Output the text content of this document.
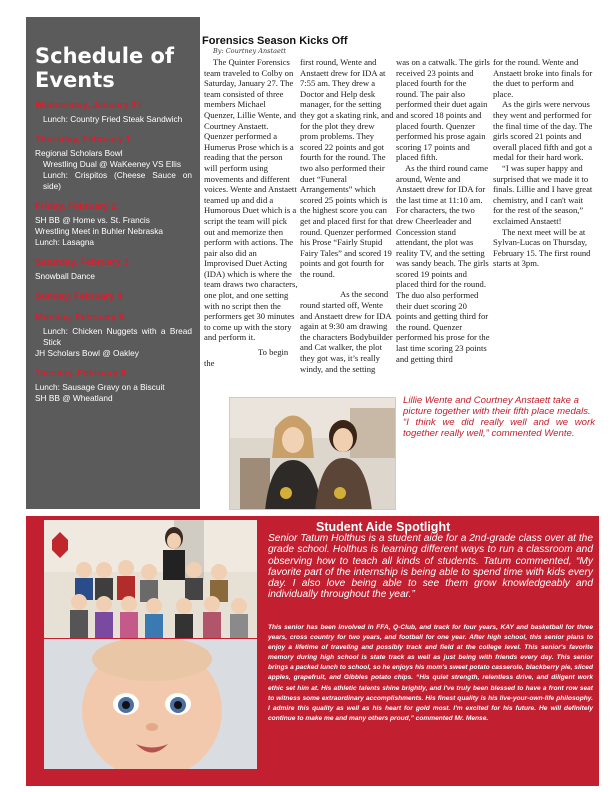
Schedule of Events
Wednesday, January 31
Lunch: Country Fried Steak Sandwich
Thursday, February 1
Regional Scholars Bowl
Wrestling Dual @ WaKeeney VS Ellis
Lunch: Crispitos (Cheese Sauce on side)
Friday, February 2
SH BB @ Home vs. St. Francis
Wrestling Meet in Buhler Nebraska
Lunch: Lasagna
Saturday, February 3
Snowball Dance
Sunday, February 4
Monday, February 5
Lunch: Chicken Nuggets with a Bread Stick
JH Scholars Bowl @ Oakley
Tuesday, February 6
Lunch: Sausage Gravy on a Biscuit
SH BB @ Wheatland
Forensics Season Kicks Off
By: Courtney Anstaett

The Quinter Forensics team traveled to Colby on Saturday, January 27. The team consisted of three members Michael Quenzer, Lillie Wente, and Courtney Anstaett. Quenzer performed a Humerus Prose which is a reading that the person will perform using movements and different voices. Wente and Anstaett teamed up and did a Humorous Duet which is a script the team will pick out and memorize then perform with actions. The pair also did an Improvised Duet Acting (IDA) which is where the team draws two characters, one plot, and one setting with no script then the performers get 30 minutes to come up with the story and perform it.

To begin the

first round, Wente and Anstaett drew for IDA at 7:55 am. They drew a Doctor and Help desk manager, for the setting they got a skating rink, and for the plot they drew prom problems. They scored 22 points and got fourth for the round. The two also performed their duet “Funeral Arrangements” which scored 25 points which is the highest score you can get and placed first for that round. Quenzer performed his Prose “Fairly Stupid Fairy Tales” and scored 19 points and got fourth for the round.

As the second round started off, Wente and Anstaett drew for IDA again at 9:30 am drawing the characters Bodybuilder and Cat walker, the plot they got was, it’s really windy, and the setting

was on a catwalk. The girls received 23 points and placed fourth for the round. The pair also performed their duet again and scored 18 points and placed fourth. Quenzer performed his prose again scoring 17 points and placed fifth.

As the third round came around, Wente and Anstaett drew for IDA for the last time at 11:10 am. For characters, the two drew Cheerleader and Concession stand attendant, the plot was reality TV, and the setting was sandy beach. The girls scored 19 points and placed third for the round. The duo also performed their duet scoring 20 points and getting third for the round. Quenzer performed his prose for the last time scoring 23 points and getting third

for the round. Wente and Anstaett broke into finals for the duet to perform and place.

As the girls were nervous they went and performed for the final time of the day. The girls scored 21 points and overall placed fifth and got a medal for their hard work.

“I was super happy and surprised that we made it to finals. Lillie and I have great chemistry, and I can't wait for the rest of the season,” exclaimed Anstaett!

The next meet will be at Sylvan-Lucas on Thursday, February 15. The first round starts at 3pm.

Lillie Wente and Courtney Anstaett take a picture together with their fifth place medals.
“I think we did really well and we work together really well,” commented Wente.
Student Aide Spotlight
Senior Tatum Holthus is a student aide for a 2nd-grade class over at the grade school. Holthus is learning different ways to run a classroom and observing how to teach all kinds of students. Tatum commented, “My favorite part of the internship is being able to spend time with kids every day. I also love being able to see them grow knowledgeably and individually throughout the year.”
This senior has been involved in FFA, Q-Club, and track for four years, KAY and basketball for three years, cross country for two years, and football for one year. After high school, this senior plans to enjoy a lifetime of traveling and possibly track and field at the college level. This senior's favorite memory during high school is state track as well as just being with friends every day. This senior brings a packed lunch to school, so he enjoys his mom's sweet potato casserole, blackberry pie, sliced apples, grapefruit, and Gibbles potato chips. “His quiet strength, relentless drive, and diligent work ethic set him at. His athletic talents shine brightly, and I've truly been blessed to have a front row seat to witness some extraordinary accomplishments. His finest quality is his live-your-own-life philosophy. I admire this quality as well as his heart for gold most. I'm excited for his future. He will definitely continue to make me and many others proud,” commented Mr. Mense.
